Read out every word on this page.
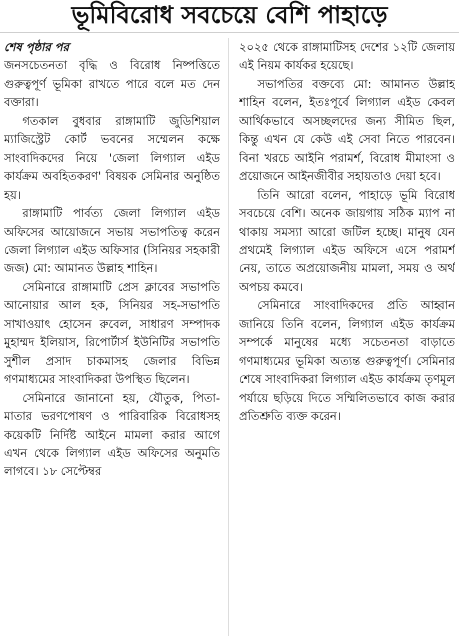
ভূমিবিরোধ সবচেয়ে বেশি পাহাড়ে
শেষ পৃষ্ঠার পর

জনসচেতনতা বৃদ্ধি ও বিরোধ নিষ্পত্তিতে গুরুত্বপূর্ণ ভূমিকা রাখতে পারে বলে মত দেন বক্তারা।

গতকাল বুধবার রাঙ্গামাটি জুডিশিয়াল ম্যাজিস্ট্রেট কোর্ট ভবনের সম্মেলন কক্ষে সাংবাদিকদের নিয়ে 'জেলা লিগ্যাল এইড কার্যক্রম অবহিতকরণ' বিষয়ক সেমিনার অনুষ্ঠিত হয়।

রাঙ্গামাটি পার্বত্য জেলা লিগ্যাল এইড অফিসের আয়োজনে সভায় সভাপতিত্ব করেন জেলা লিগ্যাল এইড অফিসার (সিনিয়র সহকারী জজ) মো: আমানত উল্লাহ শাহিন।

সেমিনারে রাঙ্গামাটি প্রেস ক্লাবের সভাপতি আনোয়ার আল হক, সিনিয়র সহ-সভাপতি সাখাওয়াৎ হোসেন রুবেল, সাধারণ সম্পাদক মুহাম্মদ ইলিয়াস, রিপোর্টার্স ইউনিটির সভাপতি সুশীল প্রসাদ চাকমাসহ জেলার বিভিন্ন গণমাধ্যমের সাংবাদিকরা উপস্থিত ছিলেন।

সেমিনারে জানানো হয়, যৌতুক, পিতা-মাতার ভরণপোষণ ও পারিবারিক বিরোধসহ কয়েকটি নির্দিষ্ট আইনে মামলা করার আগে এখন থেকে লিগ্যাল এইড অফিসের অনুমতি লাগবে। ১৮ সেপ্টেম্বর

২০২৫ থেকে রাঙ্গামাটিসহ দেশের ১২টি জেলায় এই নিয়ম কার্যকর হয়েছে।

সভাপতির বক্তব্যে মো: আমানত উল্লাহ শাহিন বলেন, ইতঃপূর্বে লিগ্যাল এইড কেবল আর্থিকভাবে অসচ্ছলদের জন্য সীমিত ছিল, কিন্তু এখন যে কেউ এই সেবা নিতে পারবেন। বিনা খরচে আইনি পরামর্শ, বিরোধ মীমাংসা ও প্রয়োজনে আইনজীবীর সহায়তাও দেয়া হবে।

তিনি আরো বলেন, পাহাড়ে ভূমি বিরোধ সবচেয়ে বেশি। অনেক জায়গায় সঠিক ম্যাপ না থাকায় সমস্যা আরো জটিল হচ্ছে। মানুষ যেন প্রথমেই লিগ্যাল এইড অফিসে এসে পরামর্শ নেয়, তাতে অপ্রয়োজনীয় মামলা, সময় ও অর্থ অপচয় কমবে।

সেমিনারে সাংবাদিকদের প্রতি আহ্বান জানিয়ে তিনি বলেন, লিগ্যাল এইড কার্যক্রম সম্পর্কে মানুষের মধ্যে সচেতনতা বাড়াতে গণমাধ্যমের ভূমিকা অত্যন্ত গুরুত্বপূর্ণ। সেমিনার শেষে সাংবাদিকরা লিগ্যাল এইড কার্যক্রম তৃণমূল পর্যায়ে ছড়িয়ে দিতে সম্মিলিতভাবে কাজ করার প্রতিশ্রুতি ব্যক্ত করেন।
